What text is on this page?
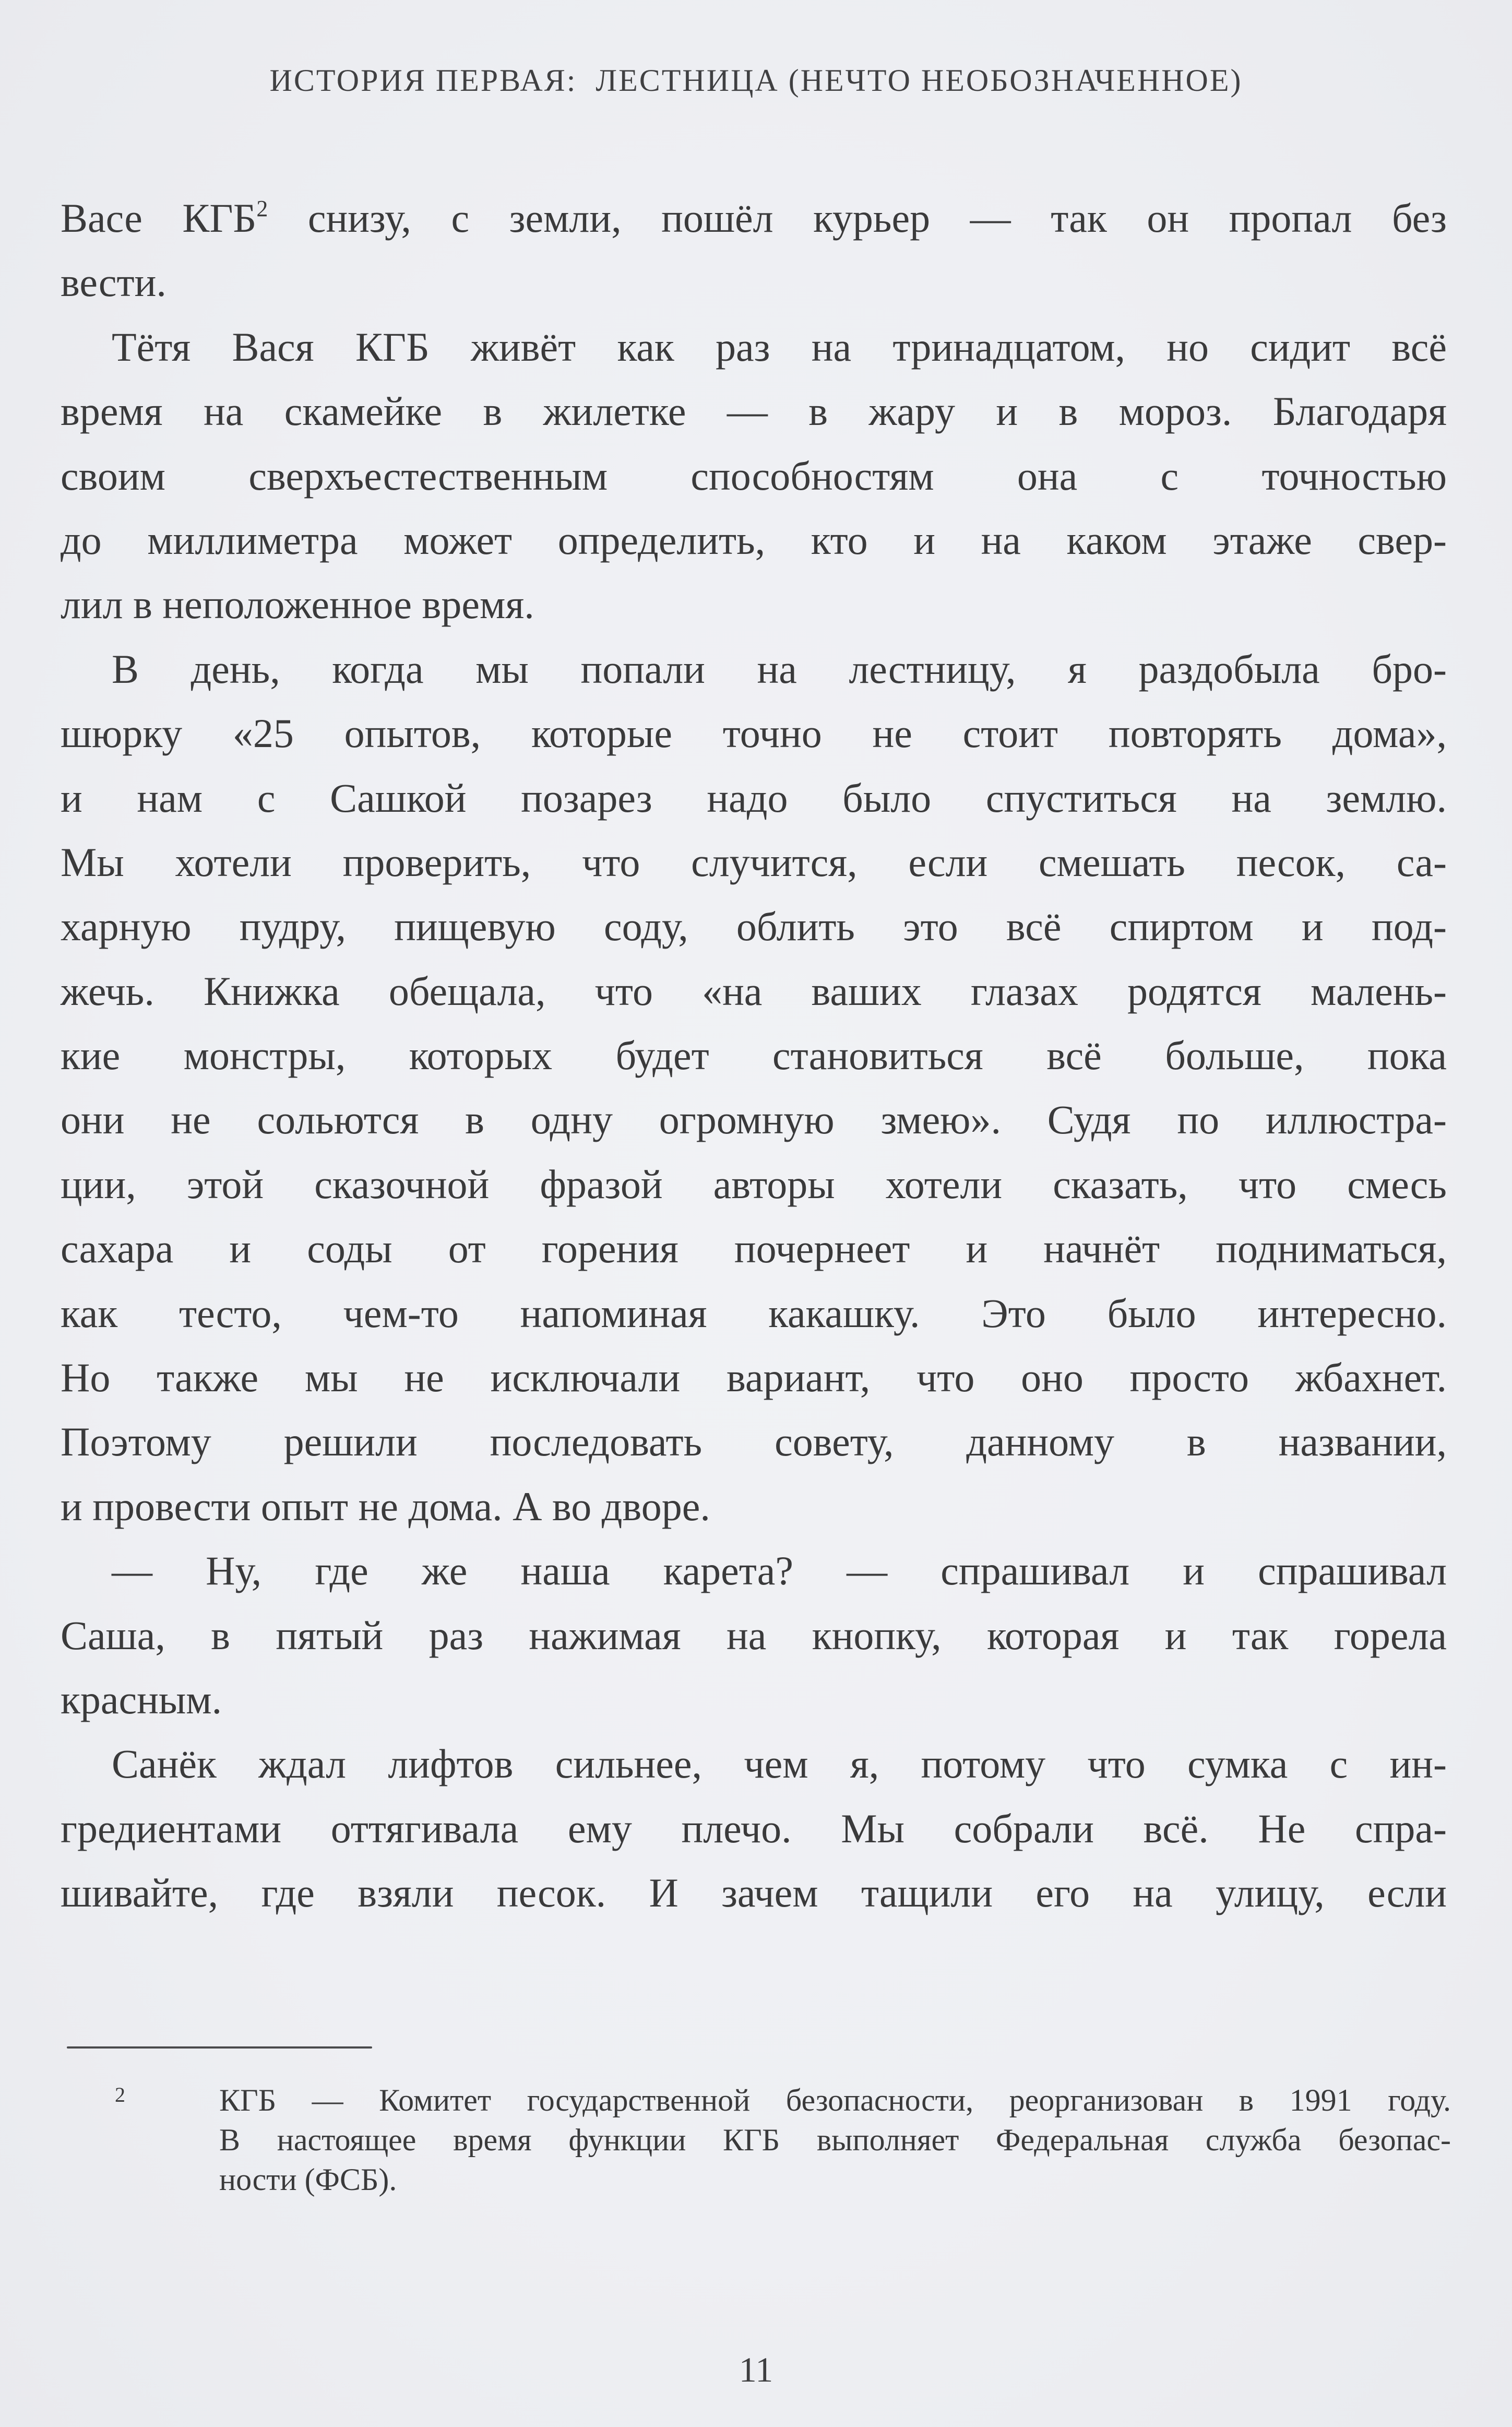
ИСТОРИЯ ПЕРВАЯ:  ЛЕСТНИЦА (НЕЧТО НЕОБОЗНАЧЕННОЕ)
Васе КГБ$^2$ снизу, с земли, пошёл курьер — так он пропал без
вести.
Тётя Вася КГБ живёт как раз на тринадцатом, но сидит всё
время на скамейке в жилетке — в жару и в мороз. Благодаря
своим сверхъестественным способностям она с точностью
до миллиметра может определить, кто и на каком этаже свер-
лил в неположенное время.
В день, когда мы попали на лестницу, я раздобыла бро-
шюрку «25 опытов, которые точно не стоит повторять дома»,
и нам с Сашкой позарез надо было спуститься на землю.
Мы хотели проверить, что случится, если смешать песок, са-
харную пудру, пищевую соду, облить это всё спиртом и под-
жечь. Книжка обещала, что «на ваших глазах родятся малень-
кие монстры, которых будет становиться всё больше, пока
они не сольются в одну огромную змею». Судя по иллюстра-
ции, этой сказочной фразой авторы хотели сказать, что смесь
сахара и соды от горения почернеет и начнёт подниматься,
как тесто, чем-то напоминая какашку. Это было интересно.
Но также мы не исключали вариант, что оно просто жбахнет.
Поэтому решили последовать совету, данному в названии,
и провести опыт не дома. А во дворе.
— Ну, где же наша карета? — спрашивал и спрашивал
Саша, в пятый раз нажимая на кнопку, которая и так горела
красным.
Санёк ждал лифтов сильнее, чем я, потому что сумка с ин-
гредиентами оттягивала ему плечо. Мы собрали всё. Не спра-
шивайте, где взяли песок. И зачем тащили его на улицу, если
2	КГБ — Комитет государственной безопасности, реорганизован в 1991 году.
В настоящее время функции КГБ выполняет Федеральная служба безопас-
ности (ФСБ).
11
